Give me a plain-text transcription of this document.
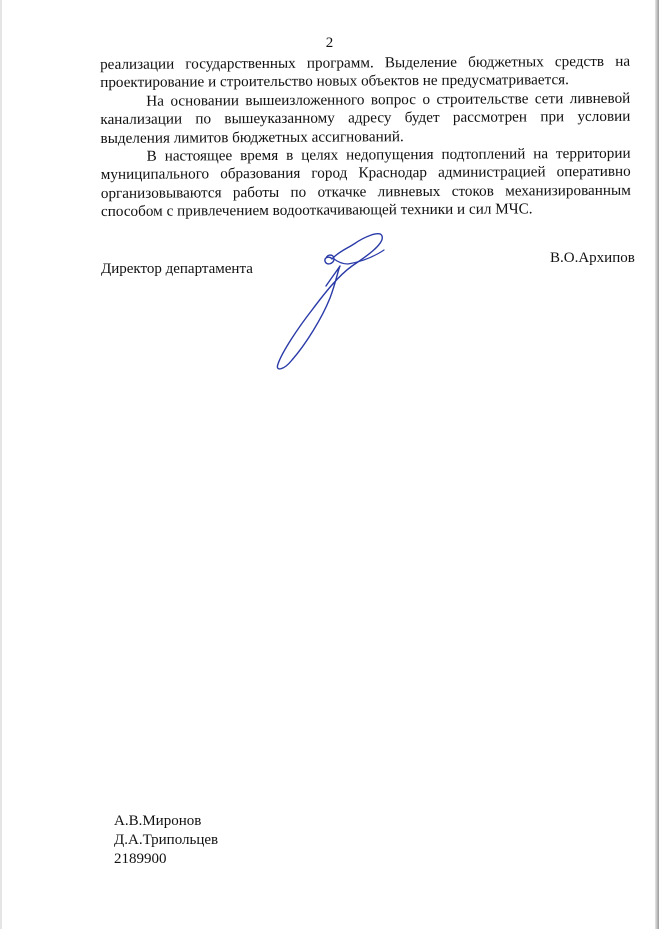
2

реализации государственных программ. Выделение бюджетных средств на проектирование и строительство новых объектов не предусматривается.

На основании вышеизложенного вопрос о строительстве сети ливневой канализации по вышеуказанному адресу будет рассмотрен при условии выделения лимитов бюджетных ассигнований.

В настоящее время в целях недопущения подтоплений на территории муниципального образования город Краснодар администрацией оперативно организовываются работы по откачке ливневых стоков механизированным способом с привлечением водооткачивающей техники и сил МЧС.

Директор департамента
В.О.Архипов
А.В.Миронов
Д.А.Трипольцев
2189900
